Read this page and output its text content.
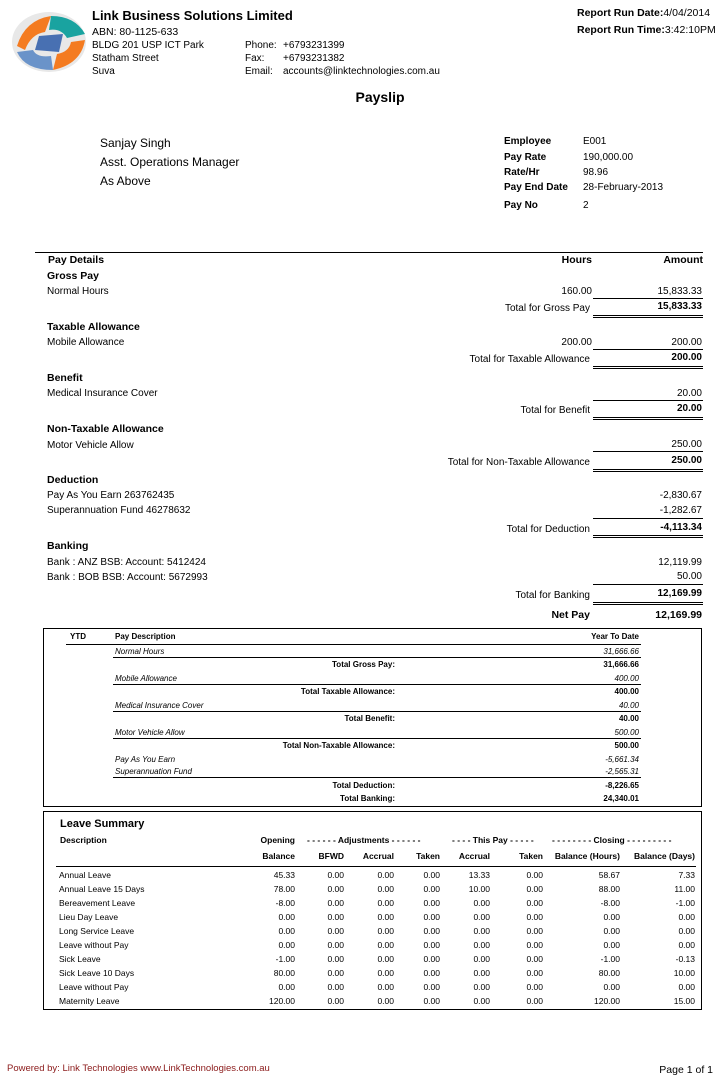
Link Business Solutions Limited
ABN: 80-1125-633
BLDG 201 USP ICT Park
Statham Street
Suva
Phone: +6793231399
Fax: +6793231382
Email: accounts@linktechnologies.com.au
Report Run Date:4/04/2014
Report Run Time:3:42:10PM
Payslip
Sanjay Singh
Asst. Operations Manager
As Above
Employee	E001
Pay Rate	190,000.00
Rate/Hr	98.96
Pay End Date 28-February-2013
Pay No	2
Pay Details	Hours	Amount
Gross Pay
Normal Hours	160.00	15,833.33
Total for Gross Pay	15,833.33
Taxable Allowance
Mobile Allowance	200.00	200.00
Total for Taxable Allowance	200.00
Benefit
Medical Insurance Cover	20.00
Total for Benefit	20.00
Non-Taxable Allowance
Motor Vehicle Allow	250.00
Total for Non-Taxable Allowance	250.00
Deduction
Pay As You Earn 263762435	-2,830.67
Superannuation Fund 46278632	-1,282.67
Total for Deduction	-4,113.34
Banking
Bank : ANZ BSB: Account: 5412424	12,119.99
Bank : BOB BSB: Account: 5672993	50.00
Total for Banking	12,169.99
Net Pay	12,169.99
YTD	Pay Description	Year To Date
Normal Hours	31,666.66
Total Gross Pay:	31,666.66
Mobile Allowance	400.00
Total Taxable Allowance:	400.00
Medical Insurance Cover	40.00
Total Benefit:	40.00
Motor Vehicle Allow	500.00
Total Non-Taxable Allowance:	500.00
Pay As You Earn	-5,661.34
Superannuation Fund	-2,565.31
Total Deduction:	-8,226.65
Total Banking:	24,340.01
Leave Summary
Description	Opening - - - - - - Adjustments - - - - - -	- - - - This Pay - - - - - - - - - - - - - Closing - - - - - - - - -
Balance	BFWD	Accrual	Taken	Accrual	Taken	Balance (Hours)	Balance (Days)
Annual Leave	45.33	0.00	0.00	0.00	13.33	0.00	58.67	7.33
Annual Leave 15 Days	78.00	0.00	0.00	0.00	10.00	0.00	88.00	11.00
Bereavement Leave	-8.00	0.00	0.00	0.00	0.00	0.00	-8.00	-1.00
Lieu Day Leave	0.00	0.00	0.00	0.00	0.00	0.00	0.00	0.00
Long Service Leave	0.00	0.00	0.00	0.00	0.00	0.00	0.00	0.00
Leave without Pay	0.00	0.00	0.00	0.00	0.00	0.00	0.00	0.00
Sick Leave	-1.00	0.00	0.00	0.00	0.00	0.00	-1.00	-0.13
Sick Leave 10 Days	80.00	0.00	0.00	0.00	0.00	0.00	80.00	10.00
Leave without Pay	0.00	0.00	0.00	0.00	0.00	0.00	0.00	0.00
Maternity Leave	120.00	0.00	0.00	0.00	0.00	0.00	120.00	15.00
Powered by: Link Technologies www.LinkTechnologies.com.au	Page 1 of 1
